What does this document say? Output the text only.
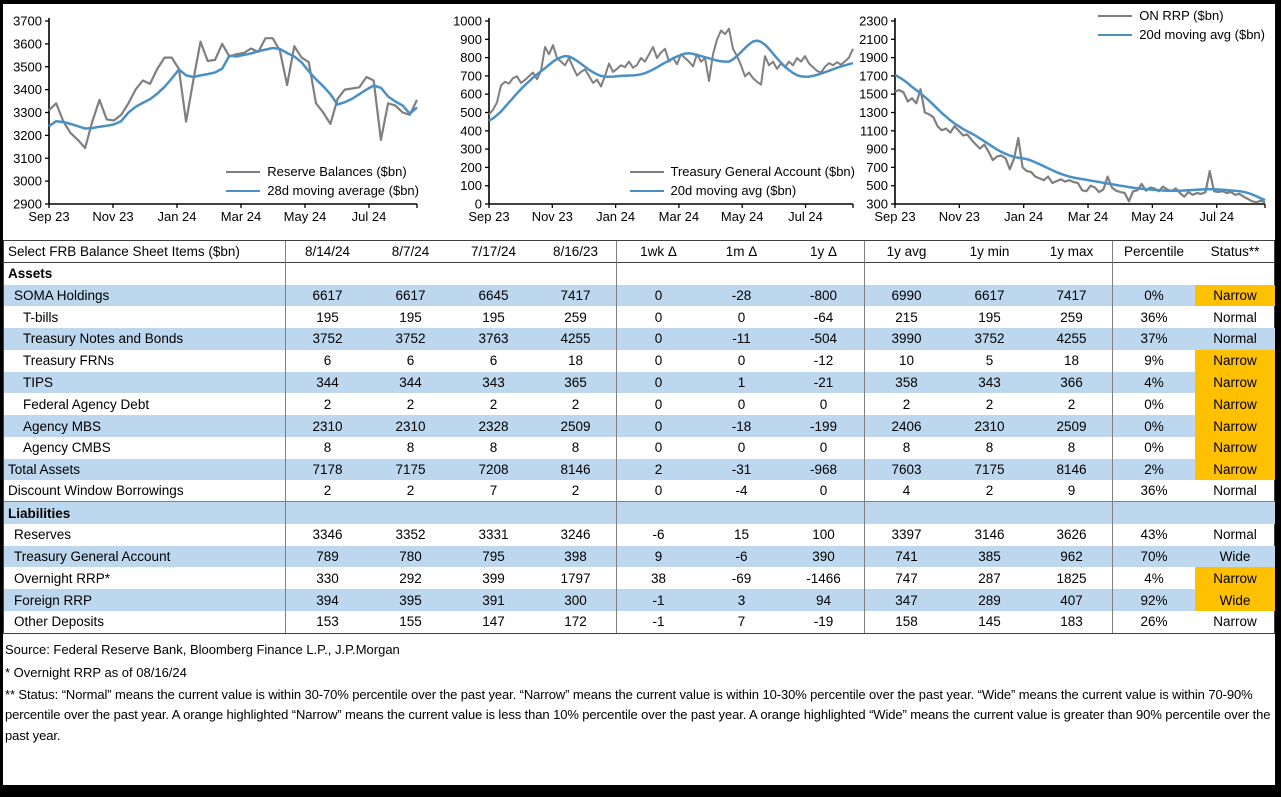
2900
3000
3100
3200
3300
3400
3500
3600
3700
Sep 23 Nov 23 Jan 24 Mar 24 May 24 Jul 24
Reserve Balances ($bn)
28d moving average ($bn)
0
100
200
300
400
500
600
700
800
900
1000
Sep 23 Nov 23 Jan 24 Mar 24 May 24 Jul 24
Treasury General Account ($bn)
20d moving avg ($bn)
300
500
700
900
1100
1300
1500
1700
1900
2100
2300
Sep 23 Nov 23 Jan 24 Mar 24 May 24 Jul 24
ON RRP ($bn)
20d moving avg ($bn)
Select FRB Balance Sheet Items ($bn)	8/14/24	8/7/24	7/17/24	8/16/23	1wk Δ	1m Δ	1y Δ	1y avg	1y min	1y max	Percentile	Status**
Assets
SOMA Holdings	6617	6617	6645	7417	0	-28	-800	6990	6617	7417	0%	Narrow
T-bills	195	195	195	259	0	0	-64	215	195	259	36%	Normal
Treasury Notes and Bonds	3752	3752	3763	4255	0	-11	-504	3990	3752	4255	37%	Normal
Treasury FRNs	6	6	6	18	0	0	-12	10	5	18	9%	Narrow
TIPS	344	344	343	365	0	1	-21	358	343	366	4%	Narrow
Federal Agency Debt	2	2	2	2	0	0	0	2	2	2	0%	Narrow
Agency MBS	2310	2310	2328	2509	0	-18	-199	2406	2310	2509	0%	Narrow
Agency CMBS	8	8	8	8	0	0	0	8	8	8	0%	Narrow
Total Assets	7178	7175	7208	8146	2	-31	-968	7603	7175	8146	2%	Narrow
Discount Window Borrowings	2	2	7	2	0	-4	0	4	2	9	36%	Normal
Liabilities
Reserves	3346	3352	3331	3246	-6	15	100	3397	3146	3626	43%	Normal
Treasury General Account	789	780	795	398	9	-6	390	741	385	962	70%	Wide
Overnight RRP*	330	292	399	1797	38	-69	-1466	747	287	1825	4%	Narrow
Foreign RRP	394	395	391	300	-1	3	94	347	289	407	92%	Wide
Other Deposits	153	155	147	172	-1	7	-19	158	145	183	26%	Narrow
Source: Federal Reserve Bank, Bloomberg Finance L.P., J.P.Morgan
* Overnight RRP as of 08/16/24
** Status: “Normal” means the current value is within 30-70% percentile over the past year. “Narrow” means the current value is within 10-30% percentile over the past year. “Wide” means the current value is within 70-90% percentile over the past year. A orange highlighted “Narrow” means the current value is less than 10% percentile over the past year. A orange highlighted “Wide” means the current value is greater than 90% percentile over the past year.
